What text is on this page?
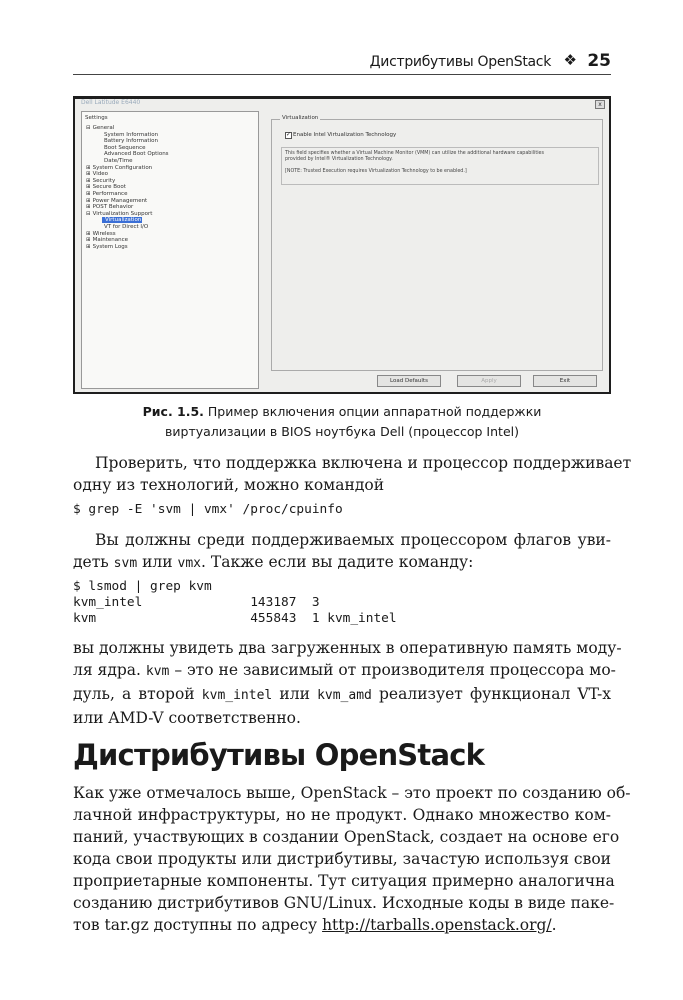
Дистрибутивы OpenStack ❖ 25
Dell Latitude E6440	x
Settings
⊟ General
System Information
Battery Information
Boot Sequence
Advanced Boot Options
Date/Time
⊞ System Configuration
⊞ Video
⊞ Security
⊞ Secure Boot
⊞ Performance
⊞ Power Management
⊞ POST Behavior
⊟ Virtualization Support
Virtualization
VT for Direct I/O
⊞ Wireless
⊞ Maintenance
⊞ System Logs
Virtualization
✓ Enable Intel Virtualization Technology
This field specifies whether a Virtual Machine Monitor (VMM) can utilize the additional hardware capabilities
provided by Intel® Virtualization Technology.
[NOTE: Trusted Execution requires Virtualization Technology to be enabled.]
Load Defaults	Apply	Exit
Рис. 1.5. Пример включения опции аппаратной поддержки
виртуализации в BIOS ноутбука Dell (процессор Intel)
Проверить, что поддержка включена и процессор поддерживает
одну из технологий, можно командой
$ grep -E 'svm | vmx' /proc/cpuinfo
Вы должны среди поддерживаемых процессором флагов уви-
деть svm или vmx. Также если вы дадите команду:
$ lsmod | grep kvm
kvm_intel              143187  3
kvm                    455843  1 kvm_intel
вы должны увидеть два загруженных в оперативную память моду-
ля ядра. kvm – это не зависимый от производителя процессора мо-
дуль, а второй kvm_intel или kvm_amd реализует функционал VT-x
или AMD-V соответственно.
Дистрибутивы OpenStack
Как уже отмечалось выше, OpenStack – это проект по созданию об-
лачной инфраструктуры, но не продукт. Однако множество ком-
паний, участвующих в создании OpenStack, создает на основе его
кода свои продукты или дистрибутивы, зачастую используя свои
проприетарные компоненты. Тут ситуация примерно аналогична
созданию дистрибутивов GNU/Linux. Исходные коды в виде паке-
тов tar.gz доступны по адресу http://tarballs.openstack.org/.
